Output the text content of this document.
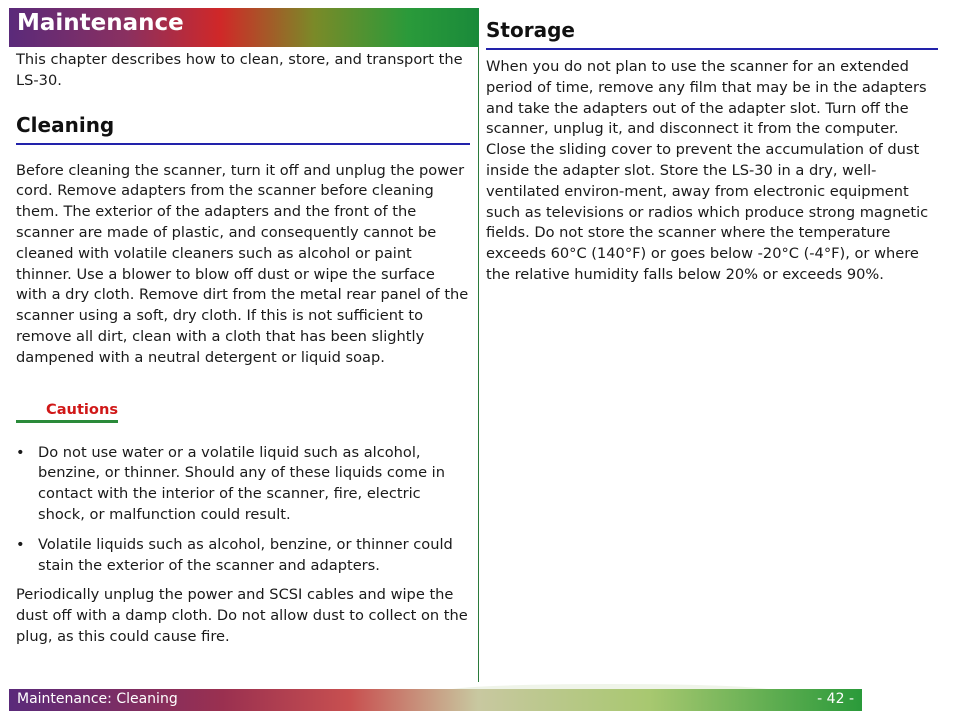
Maintenance

This chapter describes how to clean, store, and transport the LS-30.

Cleaning

Before cleaning the scanner, turn it off and unplug the power cord. Remove adapters from the scanner before cleaning them. The exterior of the adapters and the front of the scanner are made of plastic, and consequently cannot be cleaned with volatile cleaners such as alcohol or paint thinner. Use a blower to blow off dust or wipe the surface with a dry cloth. Remove dirt from the metal rear panel of the scanner using a soft, dry cloth. If this is not sufficient to remove all dirt, clean with a cloth that has been slightly dampened with a neutral detergent or liquid soap.

Cautions
• Do not use water or a volatile liquid such as alcohol, benzine, or thinner. Should any of these liquids come in contact with the interior of the scanner, fire, electric shock, or malfunction could result.
• Volatile liquids such as alcohol, benzine, or thinner could stain the exterior of the scanner and adapters.

Periodically unplug the power and SCSI cables and wipe the dust off with a damp cloth. Do not allow dust to collect on the plug, as this could cause fire.

Storage

When you do not plan to use the scanner for an extended period of time, remove any film that may be in the adapters and take the adapters out of the adapter slot. Turn off the scanner, unplug it, and disconnect it from the computer. Close the sliding cover to prevent the accumulation of dust inside the adapter slot. Store the LS-30 in a dry, well-ventilated environ-ment, away from electronic equipment such as televisions or radios which produce strong magnetic fields. Do not store the scanner where the temperature exceeds 60°C (140°F) or goes below -20°C (-4°F), or where the relative humidity falls below 20% or exceeds 90%.

Maintenance: Cleaning	- 42 -
